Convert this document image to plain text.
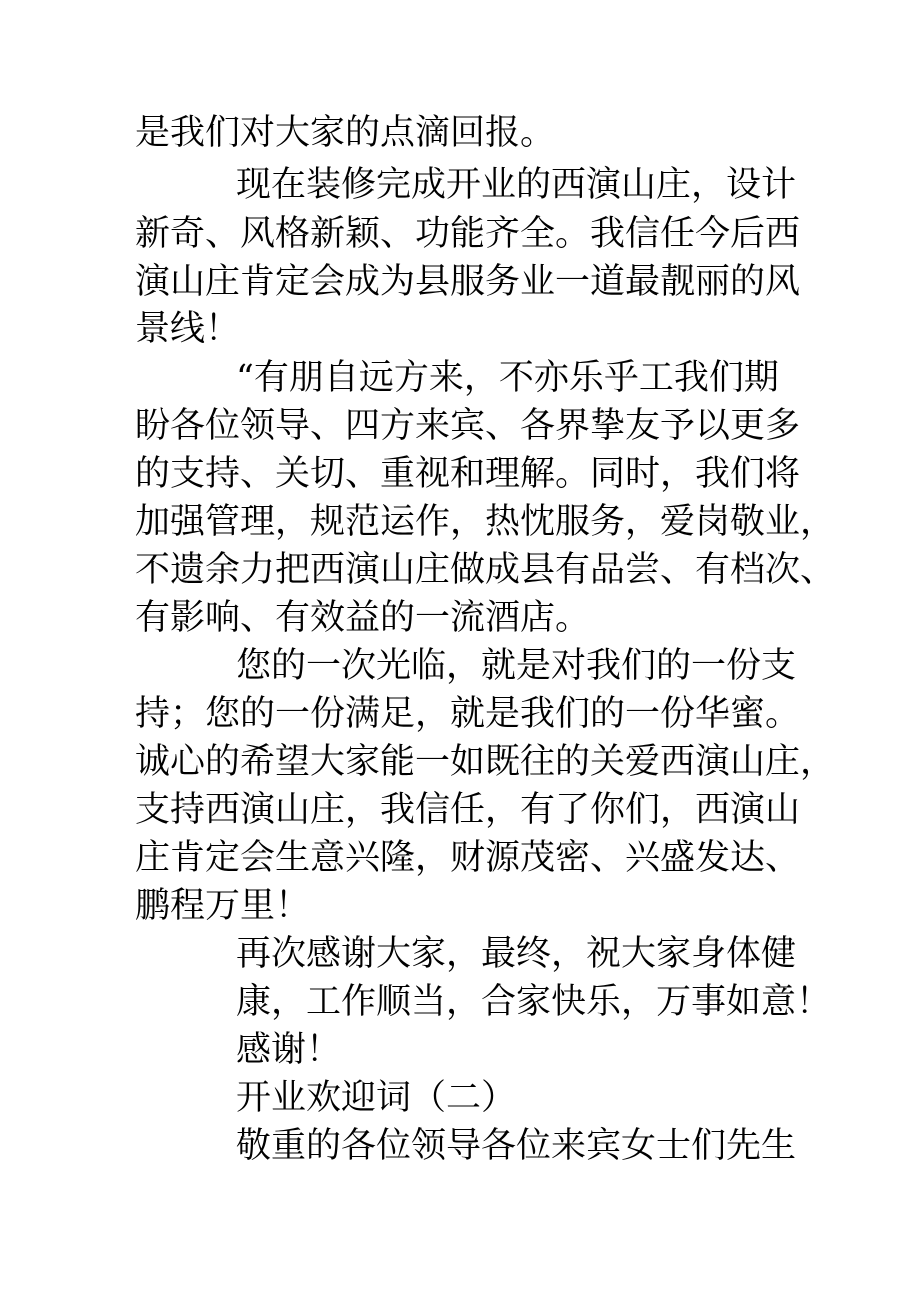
是我们对大家的点滴回报。
现在装修完成开业的西演山庄，设计
新奇、风格新颖、功能齐全。我信任今后西
演山庄肯定会成为县服务业一道最靓丽的风
景线！
“有朋自远方来，不亦乐乎工我们期
盼各位领导、四方来宾、各界挚友予以更多
的支持、关切、重视和理解。同时，我们将
加强管理，规范运作，热忱服务，爱岗敬业，
不遗余力把西演山庄做成县有品尝、有档次、
有影响、有效益的一流酒店。
您的一次光临，就是对我们的一份支
持；您的一份满足，就是我们的一份华蜜。
诚心的希望大家能一如既往的关爱西演山庄，
支持西演山庄，我信任，有了你们，西演山
庄肯定会生意兴隆，财源茂密、兴盛发达、
鹏程万里！
再次感谢大家，最终，祝大家身体健
康，工作顺当，合家快乐，万事如意！
感谢！
开业欢迎词（二）
敬重的各位领导各位来宾女士们先生
